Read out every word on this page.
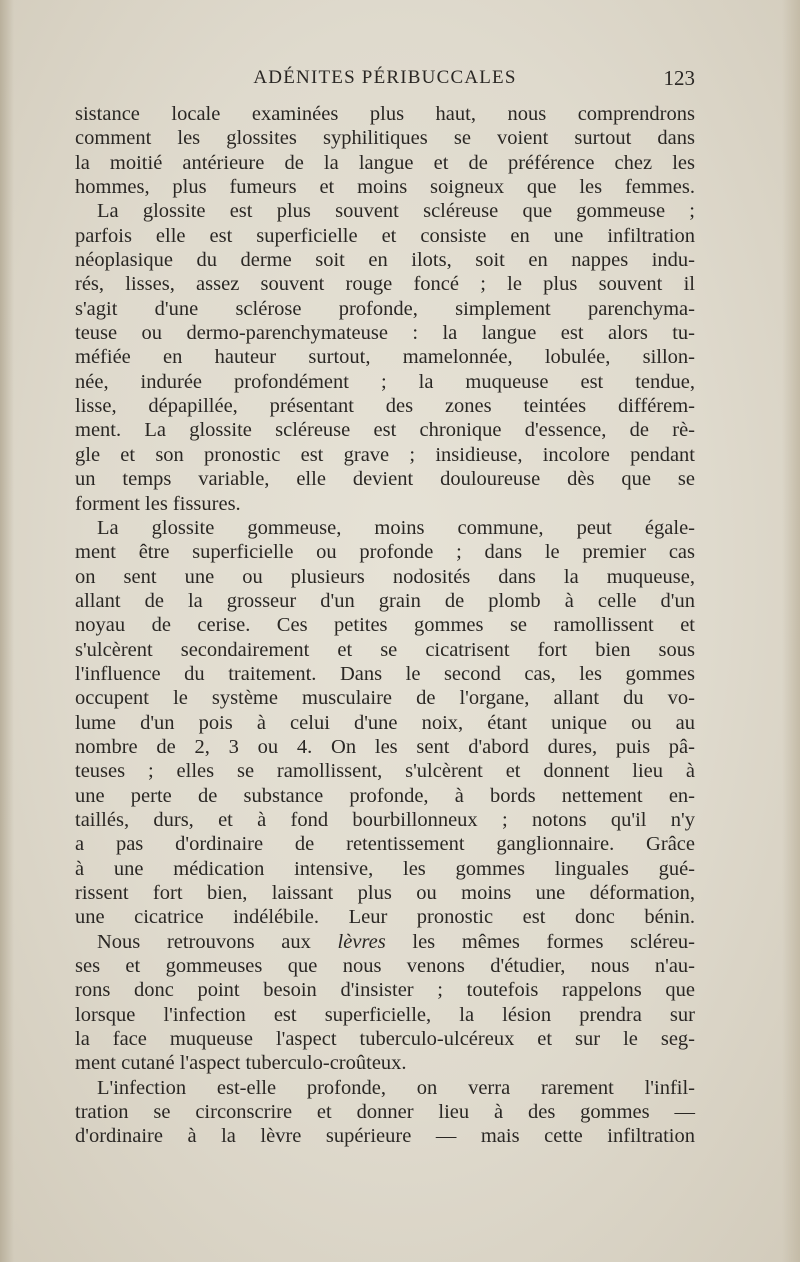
ADÉNITES PÉRIBUCCALES	123
sistance locale examinées plus haut, nous comprendrons
comment les glossites syphilitiques se voient surtout dans
la moitié antérieure de la langue et de préférence chez les
hommes, plus fumeurs et moins soigneux que les femmes.
La glossite est plus souvent scléreuse que gommeuse ;
parfois elle est superficielle et consiste en une infiltration
néoplasique du derme soit en ilots, soit en nappes indu-
rés, lisses, assez souvent rouge foncé ; le plus souvent il
s'agit d'une sclérose profonde, simplement parenchyma-
teuse ou dermo-parenchymateuse : la langue est alors tu-
méfiée en hauteur surtout, mamelonnée, lobulée, sillon-
née, indurée profondément ; la muqueuse est tendue,
lisse, dépapillée, présentant des zones teintées différem-
ment. La glossite scléreuse est chronique d'essence, de rè-
gle et son pronostic est grave ; insidieuse, incolore pendant
un temps variable, elle devient douloureuse dès que se
forment les fissures.
La glossite gommeuse, moins commune, peut égale-
ment être superficielle ou profonde ; dans le premier cas
on sent une ou plusieurs nodosités dans la muqueuse,
allant de la grosseur d'un grain de plomb à celle d'un
noyau de cerise. Ces petites gommes se ramollissent et
s'ulcèrent secondairement et se cicatrisent fort bien sous
l'influence du traitement. Dans le second cas, les gommes
occupent le système musculaire de l'organe, allant du vo-
lume d'un pois à celui d'une noix, étant unique ou au
nombre de 2, 3 ou 4. On les sent d'abord dures, puis pâ-
teuses ; elles se ramollissent, s'ulcèrent et donnent lieu à
une perte de substance profonde, à bords nettement en-
taillés, durs, et à fond bourbillonneux ; notons qu'il n'y
a pas d'ordinaire de retentissement ganglionnaire. Grâce
à une médication intensive, les gommes linguales gué-
rissent fort bien, laissant plus ou moins une déformation,
une cicatrice indélébile. Leur pronostic est donc bénin.
Nous retrouvons aux lèvres les mêmes formes scléreu-
ses et gommeuses que nous venons d'étudier, nous n'au-
rons donc point besoin d'insister ; toutefois rappelons que
lorsque l'infection est superficielle, la lésion prendra sur
la face muqueuse l'aspect tuberculo-ulcéreux et sur le seg-
ment cutané l'aspect tuberculo-croûteux.
L'infection est-elle profonde, on verra rarement l'infil-
tration se circonscrire et donner lieu à des gommes —
d'ordinaire à la lèvre supérieure — mais cette infiltration
